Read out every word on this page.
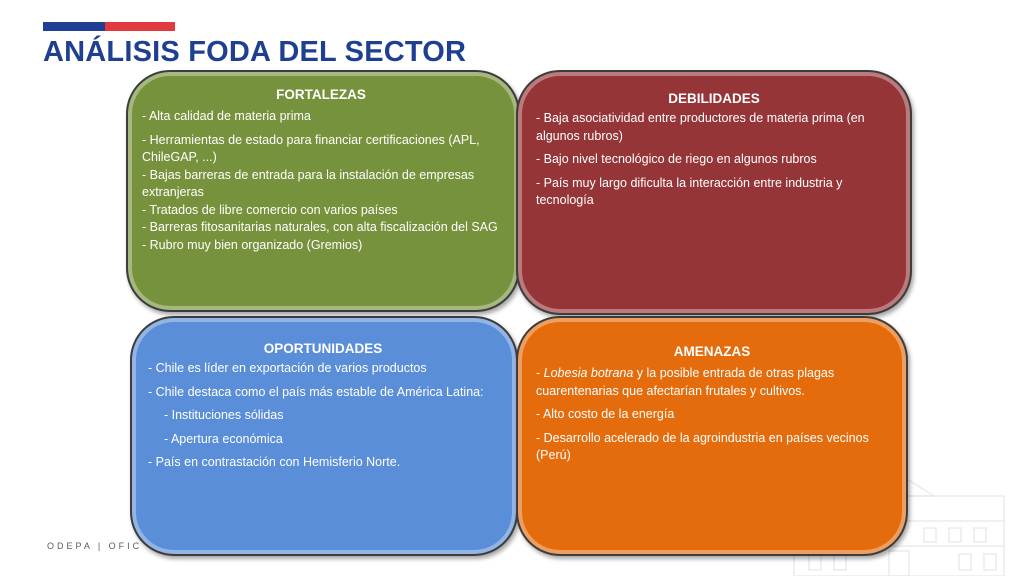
ANÁLISIS FODA DEL SECTOR
ODEPA | OFIC
FORTALEZAS
- Alta calidad de materia prima
- Herramientas de estado para financiar certificaciones (APL, ChileGAP, ...)
- Bajas barreras de entrada para la instalación de empresas extranjeras
- Tratados de libre comercio con varios países
- Barreras fitosanitarias naturales, con alta fiscalización del SAG
- Rubro muy bien organizado (Gremios)
DEBILIDADES
- Baja asociatividad entre productores de materia prima (en algunos rubros)
- Bajo nivel tecnológico de riego en algunos rubros
- País muy largo dificulta la interacción entre industria y tecnología
OPORTUNIDADES
- Chile es líder en exportación de varios productos
- Chile destaca como el país más estable de América Latina:
- Instituciones sólidas
- Apertura económica
- País en contrastación con Hemisferio Norte.
AMENAZAS
- Lobesia botrana y la posible entrada de otras plagas cuarentenarias que afectarían frutales y cultivos.
- Alto costo de la energía
- Desarrollo acelerado de la agroindustria en países vecinos (Perú)
